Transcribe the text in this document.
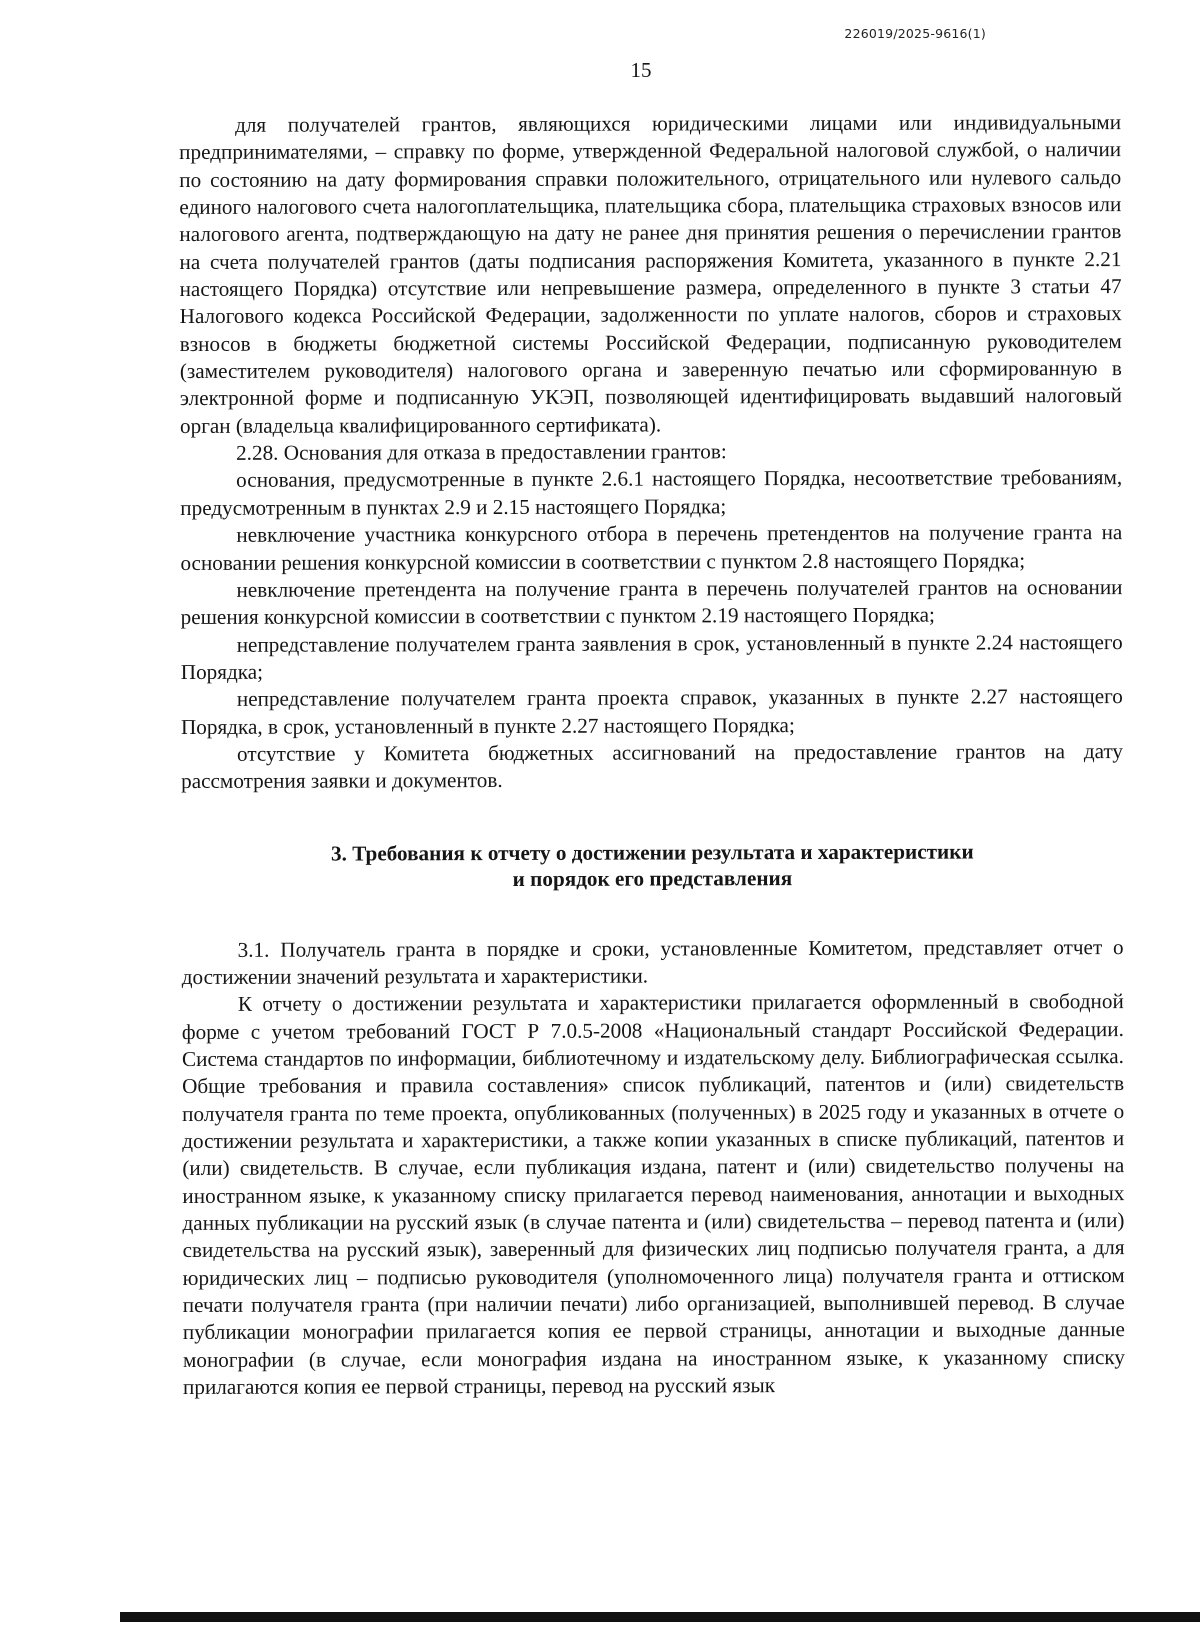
226019/2025-9616(1)
15

для получателей грантов, являющихся юридическими лицами или индивидуальными предпринимателями, – справку по форме, утвержденной Федеральной налоговой службой, о наличии по состоянию на дату формирования справки положительного, отрицательного или нулевого сальдо единого налогового счета налогоплательщика, плательщика сбора, плательщика страховых взносов или налогового агента, подтверждающую на дату не ранее дня принятия решения о перечислении грантов на счета получателей грантов (даты подписания распоряжения Комитета, указанного в пункте 2.21 настоящего Порядка) отсутствие или непревышение размера, определенного в пункте 3 статьи 47 Налогового кодекса Российской Федерации, задолженности по уплате налогов, сборов и страховых взносов в бюджеты бюджетной системы Российской Федерации, подписанную руководителем (заместителем руководителя) налогового органа и заверенную печатью или сформированную в электронной форме и подписанную УКЭП, позволяющей идентифицировать выдавший налоговый орган (владельца квалифицированного сертификата).

2.28. Основания для отказа в предоставлении грантов:

основания, предусмотренные в пункте 2.6.1 настоящего Порядка, несоответствие требованиям, предусмотренным в пунктах 2.9 и 2.15 настоящего Порядка;

невключение участника конкурсного отбора в перечень претендентов на получение гранта на основании решения конкурсной комиссии в соответствии с пунктом 2.8 настоящего Порядка;

невключение претендента на получение гранта в перечень получателей грантов на основании решения конкурсной комиссии в соответствии с пунктом 2.19 настоящего Порядка;

непредставление получателем гранта заявления в срок, установленный в пункте 2.24 настоящего Порядка;

непредставление получателем гранта проекта справок, указанных в пункте 2.27 настоящего Порядка, в срок, установленный в пункте 2.27 настоящего Порядка;

отсутствие у Комитета бюджетных ассигнований на предоставление грантов на дату рассмотрения заявки и документов.

3. Требования к отчету о достижении результата и характеристики
и порядок его представления

3.1. Получатель гранта в порядке и сроки, установленные Комитетом, представляет отчет о достижении значений результата и характеристики.

К отчету о достижении результата и характеристики прилагается оформленный в свободной форме с учетом требований ГОСТ Р 7.0.5-2008 «Национальный стандарт Российской Федерации. Система стандартов по информации, библиотечному и издательскому делу. Библиографическая ссылка. Общие требования и правила составления» список публикаций, патентов и (или) свидетельств получателя гранта по теме проекта, опубликованных (полученных) в 2025 году и указанных в отчете о достижении результата и характеристики, а также копии указанных в списке публикаций, патентов и (или) свидетельств. В случае, если публикация издана, патент и (или) свидетельство получены на иностранном языке, к указанному списку прилагается перевод наименования, аннотации и выходных данных публикации на русский язык (в случае патента и (или) свидетельства – перевод патента и (или) свидетельства на русский язык), заверенный для физических лиц подписью получателя гранта, а для юридических лиц – подписью руководителя (уполномоченного лица) получателя гранта и оттиском печати получателя гранта (при наличии печати) либо организацией, выполнившей перевод. В случае публикации монографии прилагается копия ее первой страницы, аннотации и выходные данные монографии (в случае, если монография издана на иностранном языке, к указанному списку прилагаются копия ее первой страницы, перевод на русский язык
